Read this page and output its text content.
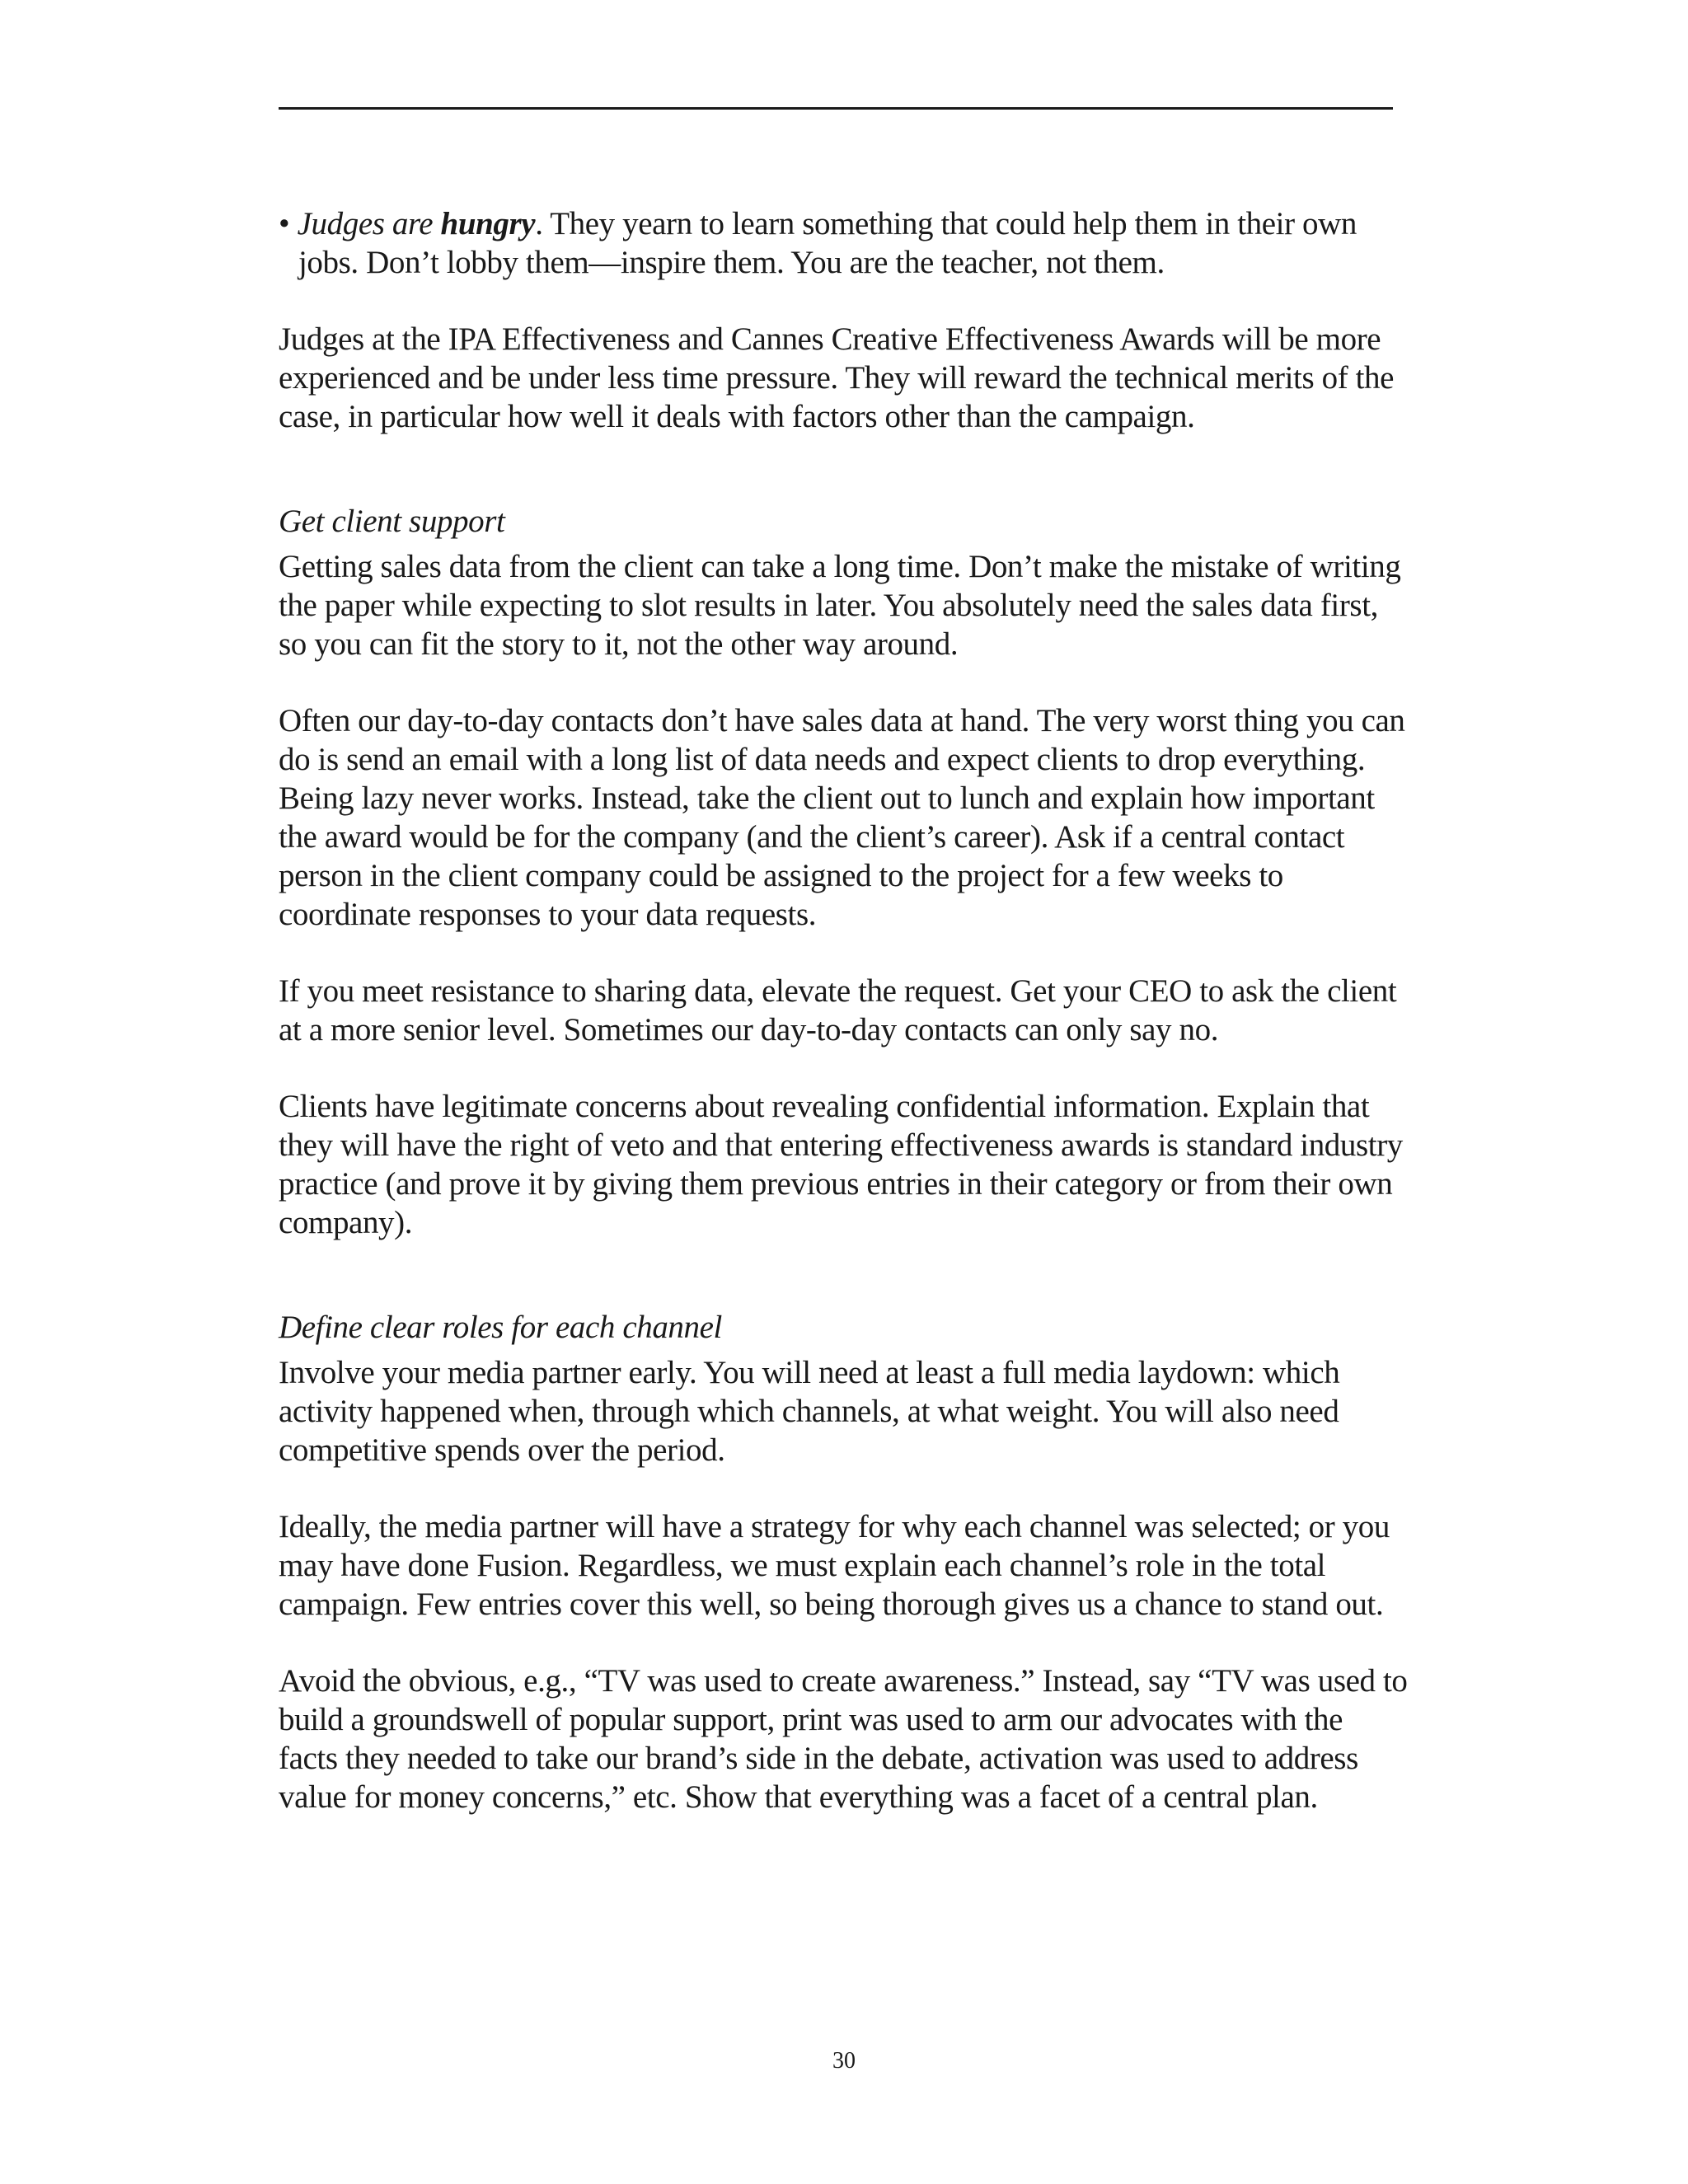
• Judges are hungry. They yearn to learn something that could help them in their own jobs. Don’t lobby them—inspire them. You are the teacher, not them.

Judges at the IPA Effectiveness and Cannes Creative Effectiveness Awards will be more experienced and be under less time pressure. They will reward the technical merits of the case, in particular how well it deals with factors other than the campaign.

Get client support

Getting sales data from the client can take a long time. Don’t make the mistake of writing the paper while expecting to slot results in later. You absolutely need the sales data first, so you can fit the story to it, not the other way around.

Often our day-to-day contacts don’t have sales data at hand. The very worst thing you can do is send an email with a long list of data needs and expect clients to drop everything. Being lazy never works. Instead, take the client out to lunch and explain how important the award would be for the company (and the client’s career). Ask if a central contact person in the client company could be assigned to the project for a few weeks to coordinate responses to your data requests.

If you meet resistance to sharing data, elevate the request. Get your CEO to ask the client at a more senior level. Sometimes our day-to-day contacts can only say no.

Clients have legitimate concerns about revealing confidential information. Explain that they will have the right of veto and that entering effectiveness awards is standard industry practice (and prove it by giving them previous entries in their category or from their own company).

Define clear roles for each channel

Involve your media partner early. You will need at least a full media laydown: which activity happened when, through which channels, at what weight. You will also need competitive spends over the period.

Ideally, the media partner will have a strategy for why each channel was selected; or you may have done Fusion. Regardless, we must explain each channel’s role in the total campaign. Few entries cover this well, so being thorough gives us a chance to stand out.

Avoid the obvious, e.g., “TV was used to create awareness.” Instead, say “TV was used to build a groundswell of popular support, print was used to arm our advocates with the facts they needed to take our brand’s side in the debate, activation was used to address value for money concerns,” etc. Show that everything was a facet of a central plan.

30
